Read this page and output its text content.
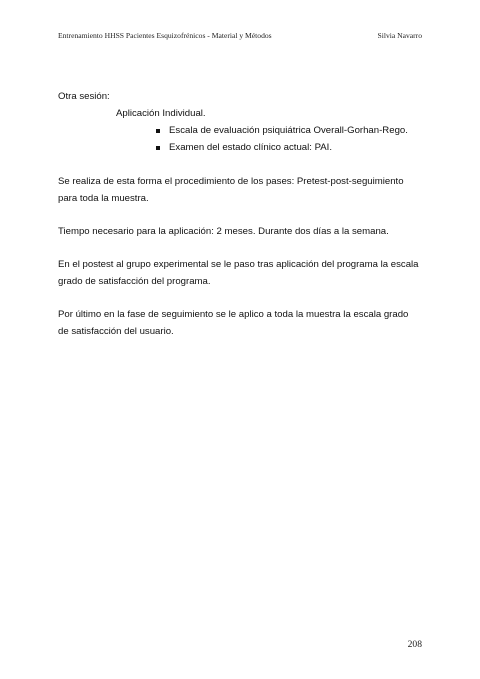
Entrenamiento HHSS Pacientes Esquizofrénicos - Material y Métodos	Silvia Navarro
Otra sesión:
Aplicación Individual.
Escala de evaluación psiquiátrica Overall-Gorhan-Rego.
Examen del estado clínico actual: PAI.
Se realiza de esta forma el procedimiento de los pases: Pretest-post-seguimiento
para toda la muestra.
Tiempo necesario para la aplicación: 2 meses. Durante dos días a la semana.
En el postest al grupo experimental se le paso tras aplicación del programa la escala
grado de satisfacción del programa.
Por último en la fase de seguimiento se le aplico a toda la muestra la escala grado
de satisfacción del usuario.
208
